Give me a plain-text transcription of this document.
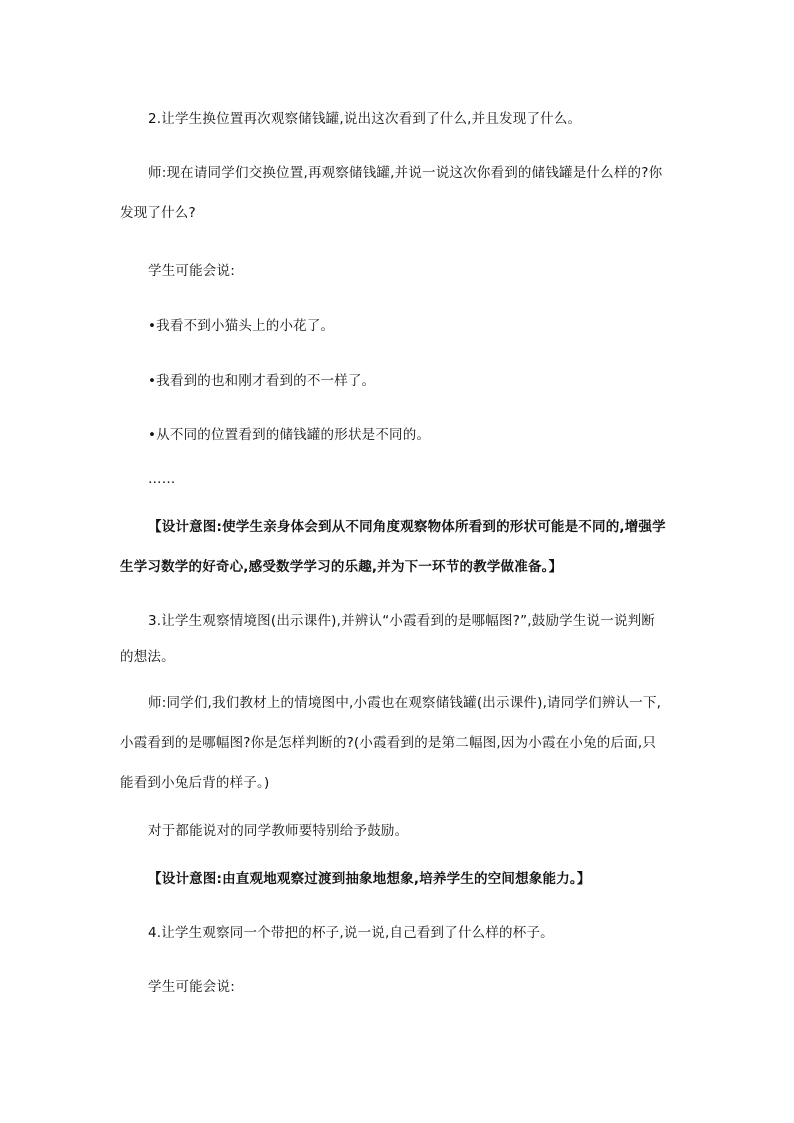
2.让学生换位置再次观察储钱罐,说出这次看到了什么,并且发现了什么。
师:现在请同学们交换位置,再观察储钱罐,并说一说这次你看到的储钱罐是什么样的?你
发现了什么?
学生可能会说:
•我看不到小猫头上的小花了。
•我看到的也和刚才看到的不一样了。
•从不同的位置看到的储钱罐的形状是不同的。
……
【设计意图:使学生亲身体会到从不同角度观察物体所看到的形状可能是不同的,增强学
生学习数学的好奇心,感受数学学习的乐趣,并为下一环节的教学做准备。】
3.让学生观察情境图(出示课件),并辨认“小霞看到的是哪幅图?”,鼓励学生说一说判断
的想法。
师:同学们,我们教材上的情境图中,小霞也在观察储钱罐(出示课件),请同学们辨认一下,
小霞看到的是哪幅图?你是怎样判断的?(小霞看到的是第二幅图,因为小霞在小兔的后面,只
能看到小兔后背的样子。)
对于都能说对的同学教师要特别给予鼓励。
【设计意图:由直观地观察过渡到抽象地想象,培养学生的空间想象能力。】
4.让学生观察同一个带把的杯子,说一说,自己看到了什么样的杯子。
学生可能会说:
